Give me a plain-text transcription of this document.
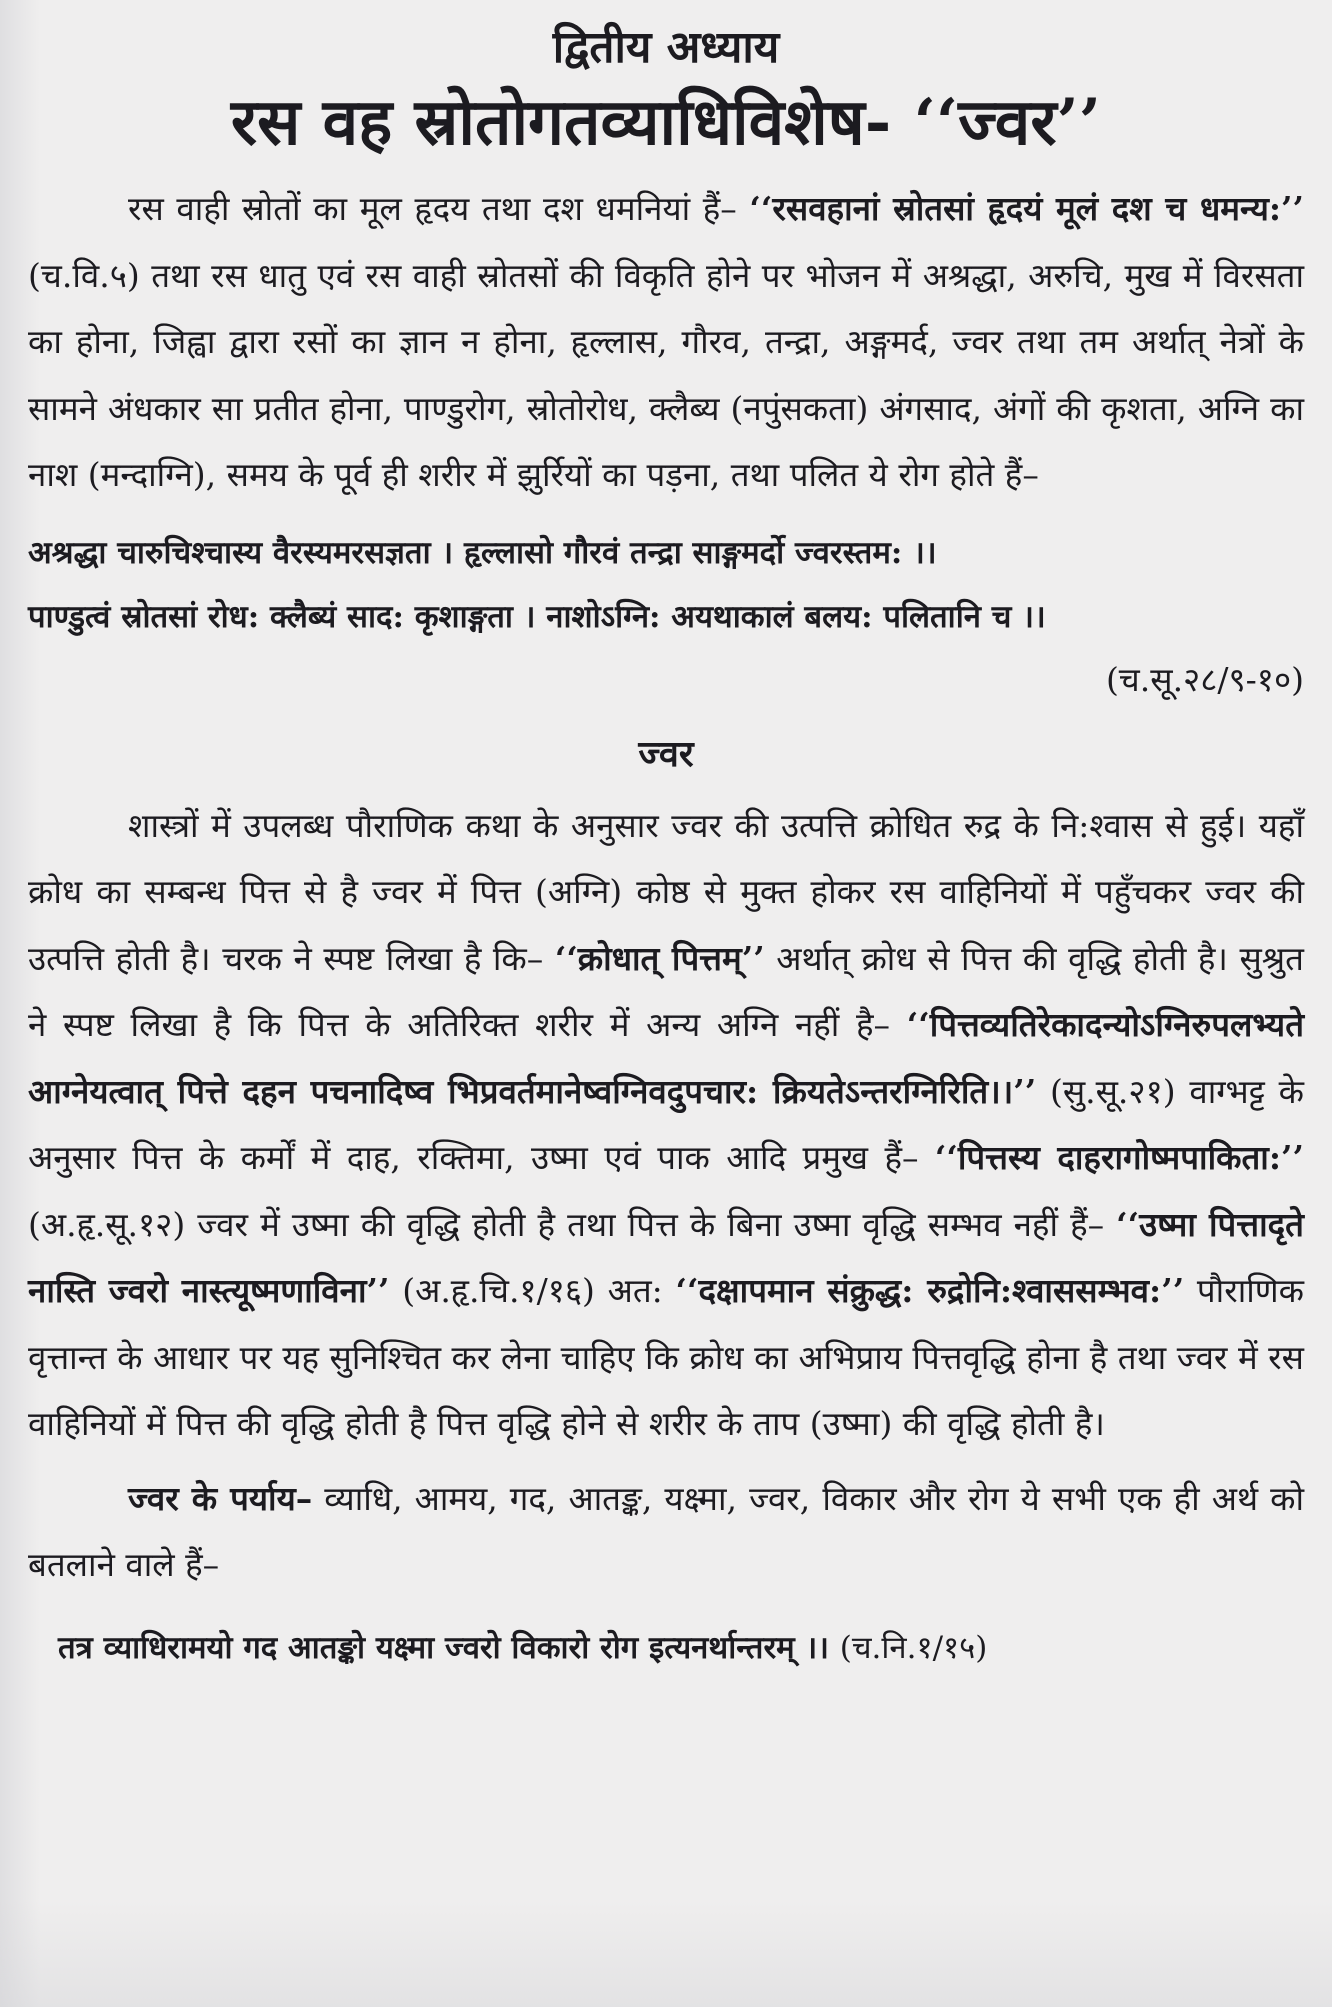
द्वितीय अध्याय
रस वह स्रोतोगतव्याधिविशेष- ‘‘ज्वर’’

रस वाही स्रोतों का मूल हृदय तथा दश धमनियां हैं– ‘‘रसवहानां स्रोतसां हृदयं मूलं दश च धमन्य:’’ (च.वि.५) तथा रस धातु एवं रस वाही स्रोतसों की विकृति होने पर भोजन में अश्रद्धा, अरुचि, मुख में विरसता का होना, जिह्वा द्वारा रसों का ज्ञान न होना, हृल्लास, गौरव, तन्द्रा, अङ्गमर्द, ज्वर तथा तम अर्थात् नेत्रों के सामने अंधकार सा प्रतीत होना, पाण्डुरोग, स्रोतोरोध, क्लैब्य (नपुंसकता) अंगसाद, अंगों की कृशता, अग्नि का नाश (मन्दाग्नि), समय के पूर्व ही शरीर में झुर्रियों का पड़ना, तथा पलित ये रोग होते हैं–

अश्रद्धा चारुचिश्चास्य वैरस्यमरसज्ञता । हृल्लासो गौरवं तन्द्रा साङ्गमर्दो ज्वरस्तम: ।।
पाण्डुत्वं स्रोतसां रोध: क्लैब्यं साद: कृशाङ्गता । नाशोऽग्नि: अयथाकालं बलय: पलितानि च ।।
(च.सू.२८/९-१०)
ज्वर

शास्त्रों में उपलब्ध पौराणिक कथा के अनुसार ज्वर की उत्पत्ति क्रोधित रुद्र के नि:श्वास से हुई। यहाँ क्रोध का सम्बन्ध पित्त से है ज्वर में पित्त (अग्नि) कोष्ठ से मुक्त होकर रस वाहिनियों में पहुँचकर ज्वर की उत्पत्ति होती है। चरक ने स्पष्ट लिखा है कि– ‘‘क्रोधात् पित्तम्’’ अर्थात् क्रोध से पित्त की वृद्धि होती है। सुश्रुत ने स्पष्ट लिखा है कि पित्त के अतिरिक्त शरीर में अन्य अग्नि नहीं है– ‘‘पित्तव्यतिरेकादन्योऽग्निरुपलभ्यते आग्नेयत्वात् पित्ते दहन पचनादिष्व भिप्रवर्तमानेष्वग्निवदुपचार: क्रियतेऽन्तरग्निरिति।।’’ (सु.सू.२१) वाग्भट्ट के अनुसार पित्त के कर्मों में दाह, रक्तिमा, उष्मा एवं पाक आदि प्रमुख हैं– ‘‘पित्तस्य दाहरागोष्मपाकिता:’’ (अ.हृ.सू.१२) ज्वर में उष्मा की वृद्धि होती है तथा पित्त के बिना उष्मा वृद्धि सम्भव नहीं हैं– ‘‘उष्मा पित्तादृते नास्ति ज्वरो नास्त्यूष्मणाविना’’ (अ.हृ.चि.१/१६) अत: ‘‘दक्षापमान संक्रुद्ध: रुद्रोनि:श्वाससम्भव:’’ पौराणिक वृत्तान्त के आधार पर यह सुनिश्चित कर लेना चाहिए कि क्रोध का अभिप्राय पित्तवृद्धि होना है तथा ज्वर में रस वाहिनियों में पित्त की वृद्धि होती है पित्त वृद्धि होने से शरीर के ताप (उष्मा) की वृद्धि होती है।

ज्वर के पर्याय– व्याधि, आमय, गद, आतङ्क, यक्ष्मा, ज्वर, विकार और रोग ये सभी एक ही अर्थ को बतलाने वाले हैं–

तत्र व्याधिरामयो गद आतङ्को यक्ष्मा ज्वरो विकारो रोग इत्यनर्थान्तरम् ।। (च.नि.१/१५)
